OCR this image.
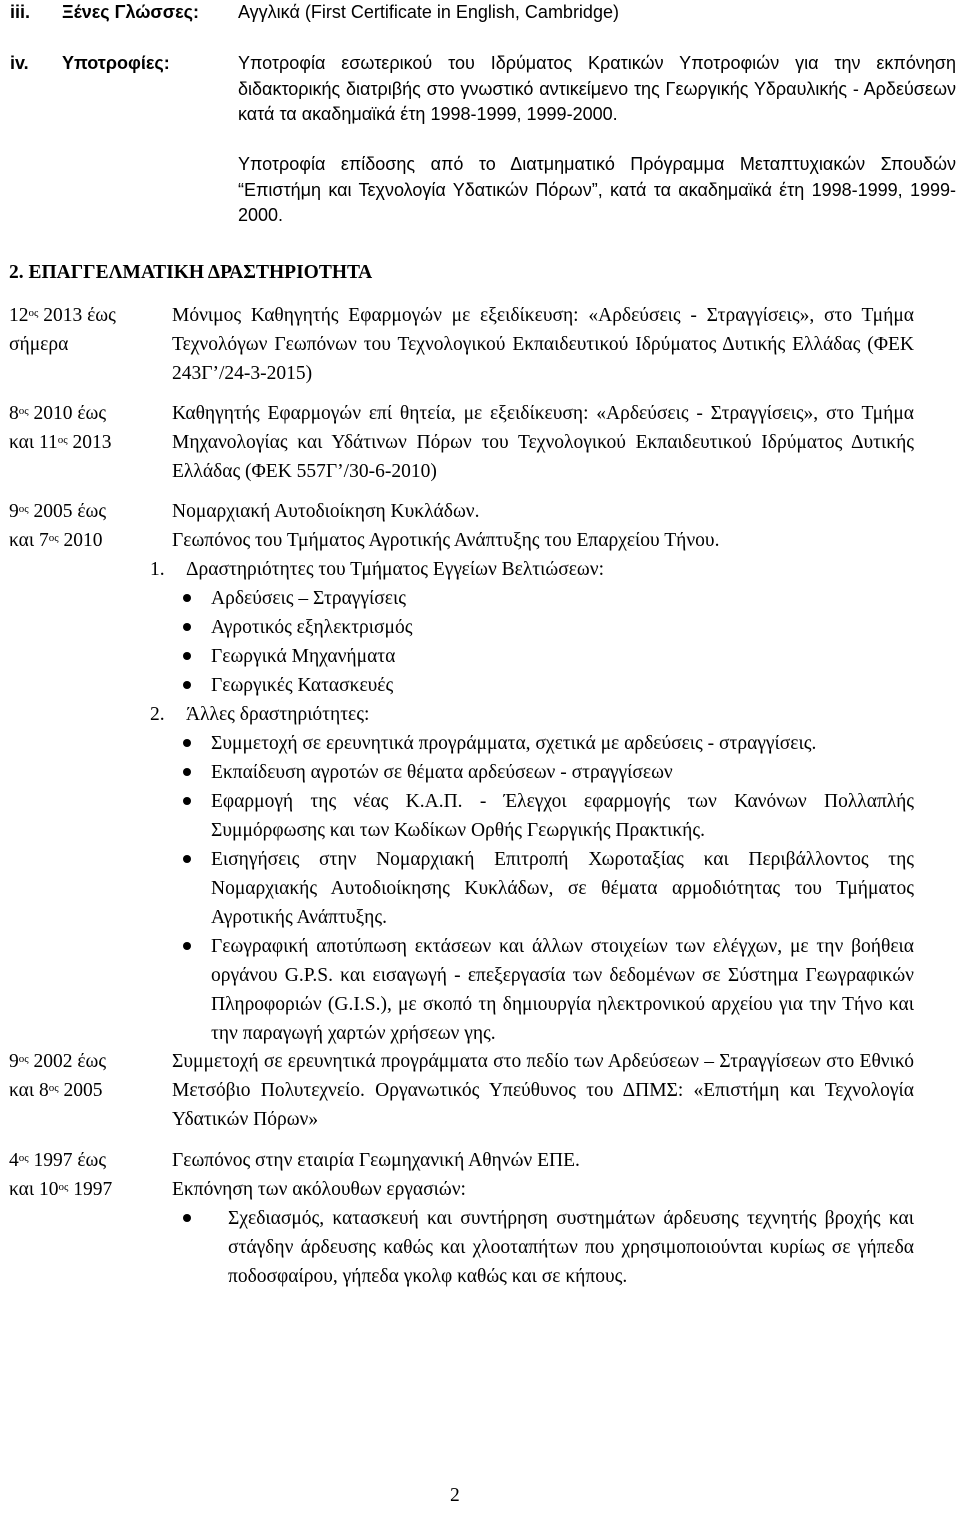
iii. Ξένες Γλώσσες: Αγγλικά (First Certificate in English, Cambridge)
iv. Υποτροφίες:	Υποτροφία εσωτερικού του Ιδρύματος Κρατικών Υποτροφιών για την εκπόνηση διδακτορικής διατριβής στο γνωστικό αντικείμενο της Γεωργικής Υδραυλικής - Αρδεύσεων κατά τα ακαδημαϊκά έτη 1998-1999, 1999-2000.

Υποτροφία επίδοσης από το Διατμηματικό Πρόγραμμα Μεταπτυχιακών Σπουδών “Επιστήμη και Τεχνολογία Υδατικών Πόρων”, κατά τα ακαδημαϊκά έτη 1998-1999, 1999-2000.

2. ΕΠΑΓΓΕΛΜΑΤΙΚΗ ΔΡΑΣΤΗΡΙΟΤΗΤΑ
$12^{o\varsigma}$ 2013 έως
σήμερα

Μόνιμος Καθηγητής Εφαρμογών με εξειδίκευση: «Αρδεύσεις - Στραγγίσεις», στο Τμήμα Τεχνολόγων Γεωπόνων του Τεχνολογικού Εκπαιδευτικού Ιδρύματος Δυτικής Ελλάδας (ΦΕΚ 243Γ’/24-3-2015)

$8^{o\varsigma}$ 2010 έως
και $11^{o\varsigma}$ 2013

Καθηγητής Εφαρμογών επί θητεία, με εξειδίκευση: «Αρδεύσεις - Στραγγίσεις», στο Τμήμα Μηχανολογίας και Υδάτινων Πόρων του Τεχνολογικού Εκπαιδευτικού Ιδρύματος Δυτικής Ελλάδας (ΦΕΚ 557Γ’/30-6-2010)

$9^{o\varsigma}$ 2005 έως
και $7^{o\varsigma}$ 2010
Νομαρχιακή Αυτοδιοίκηση Κυκλάδων.
Γεωπόνος του Τμήματος Αγροτικής Ανάπτυξης του Επαρχείου Τήνου.
1. Δραστηριότητες του Τμήματος Εγγείων Βελτιώσεων:
Αρδεύσεις – Στραγγίσεις
Αγροτικός εξηλεκτρισμός
Γεωργικά Μηχανήματα
Γεωργικές Κατασκευές
2. Άλλες δραστηριότητες:
Συμμετοχή σε ερευνητικά προγράμματα, σχετικά με αρδεύσεις - στραγγίσεις.
Εκπαίδευση αγροτών σε θέματα αρδεύσεων - στραγγίσεων

Εφαρμογή της νέας Κ.Α.Π. - Έλεγχοι εφαρμογής των Κανόνων Πολλαπλής Συμμόρφωσης και των Κωδίκων Ορθής Γεωργικής Πρακτικής.

Εισηγήσεις στην Νομαρχιακή Επιτροπή Χωροταξίας και Περιβάλλοντος της Νομαρχιακής Αυτοδιοίκησης Κυκλάδων, σε θέματα αρμοδιότητας του Τμήματος Αγροτικής Ανάπτυξης.

Γεωγραφική αποτύπωση εκτάσεων και άλλων στοιχείων των ελέγχων, με την βοήθεια οργάνου G.P.S. και εισαγωγή - επεξεργασία των δεδομένων σε Σύστημα Γεωγραφικών Πληροφοριών (G.I.S.), με σκοπό τη δημιουργία ηλεκτρονικού αρχείου για την Τήνο και την παραγωγή χαρτών χρήσεων γης.

$9^{o\varsigma}$ 2002 έως
και $8^{o\varsigma}$ 2005

Συμμετοχή σε ερευνητικά προγράμματα στο πεδίο των Αρδεύσεων – Στραγγίσεων στο Εθνικό Μετσόβιο Πολυτεχνείο. Οργανωτικός Υπεύθυνος του ΔΠΜΣ: «Επιστήμη και Τεχνολογία Υδατικών Πόρων»

$4^{o\varsigma}$ 1997 έως
και $10^{o\varsigma}$ 1997
Γεωπόνος στην εταιρία Γεωμηχανική Αθηνών ΕΠΕ.
Εκπόνηση των ακόλουθων εργασιών:

Σχεδιασμός, κατασκευή και συντήρηση συστημάτων άρδευσης τεχνητής βροχής και στάγδην άρδευσης καθώς και χλοοταπήτων που χρησιμοποιούνται κυρίως σε γήπεδα ποδοσφαίρου, γήπεδα γκολφ καθώς και σε κήπους.

2
